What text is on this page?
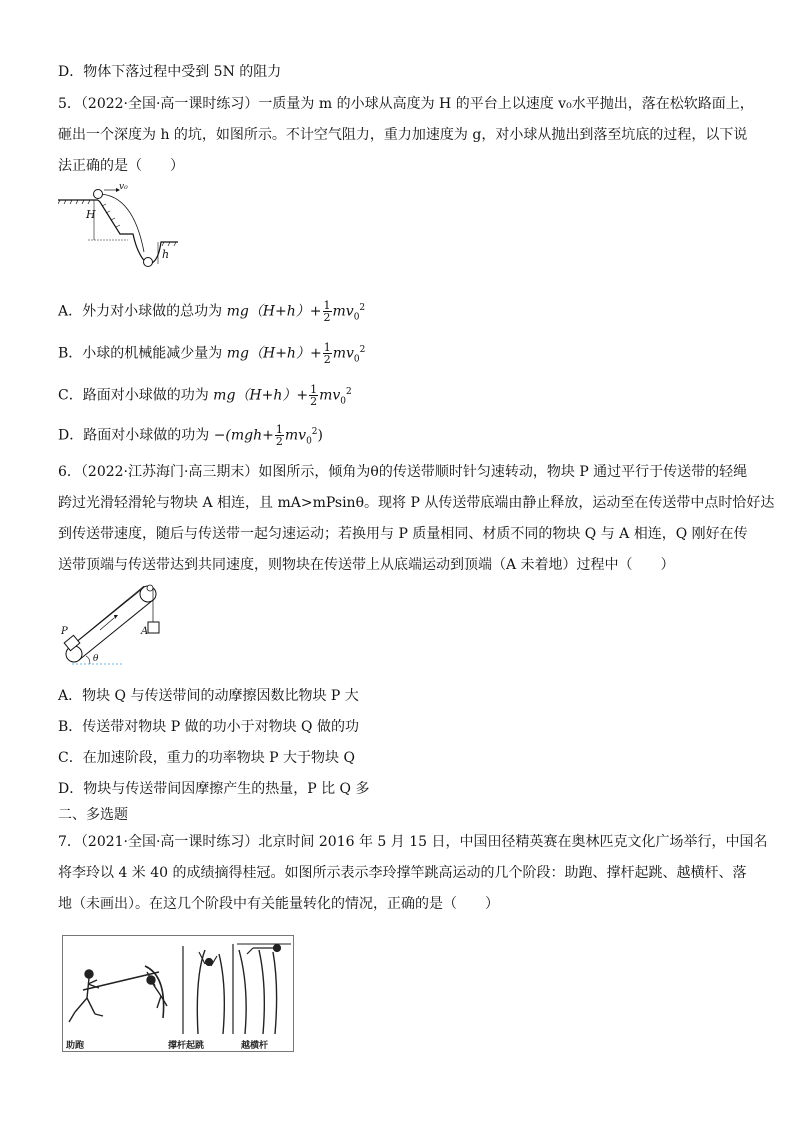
D．物体下落过程中受到 5N 的阻力
5．（2022·全国·高一课时练习）一质量为 m 的小球从高度为 H 的平台上以速度 v₀水平抛出，落在松软路面上，
砸出一个深度为 h 的坑，如图所示。不计空气阻力，重力加速度为 g，对小球从抛出到落至坑底的过程，以下说
法正确的是（　　）
v₀
H
h
A．外力对小球做的总功为 $mg(H+h)+ \frac{1}{2} mv_0^2$
B．小球的机械能减少量为 $mg(H+h)+ \frac{1}{2} mv_0^2$
C．路面对小球做的功为 $mg(H+h)+ \frac{1}{2} mv_0^2$
D．路面对小球做的功为 $-(mgh+ \frac{1}{2} mv_0^2)$
6．（2022·江苏海门·高三期末）如图所示，倾角为θ的传送带顺时针匀速转动，物块 P 通过平行于传送带的轻绳
跨过光滑轻滑轮与物块 A 相连，且 mA>mPsinθ。现将 P 从传送带底端由静止释放，运动至在传送带中点时恰好达
到传送带速度，随后与传送带一起匀速运动；若换用与 P 质量相同、材质不同的物块 Q 与 A 相连，Q 刚好在传
送带顶端与传送带达到共同速度，则物块在传送带上从底端运动到顶端（A 未着地）过程中（　　）
P	A
θ
A．物块 Q 与传送带间的动摩擦因数比物块 P 大
B．传送带对物块 P 做的功小于对物块 Q 做的功
C．在加速阶段，重力的功率物块 P 大于物块 Q
D．物块与传送带间因摩擦产生的热量，P 比 Q 多
二、多选题
7．（2021·全国·高一课时练习）北京时间 2016 年 5 月 15 日，中国田径精英赛在奥林匹克文化广场举行，中国名
将李玲以 4 米 40 的成绩摘得桂冠。如图所示表示李玲撑竿跳高运动的几个阶段：助跑、撑杆起跳、越横杆、落
地（未画出）。在这几个阶段中有关能量转化的情况，正确的是（　　）
助跑	撑杆起跳	越横杆
